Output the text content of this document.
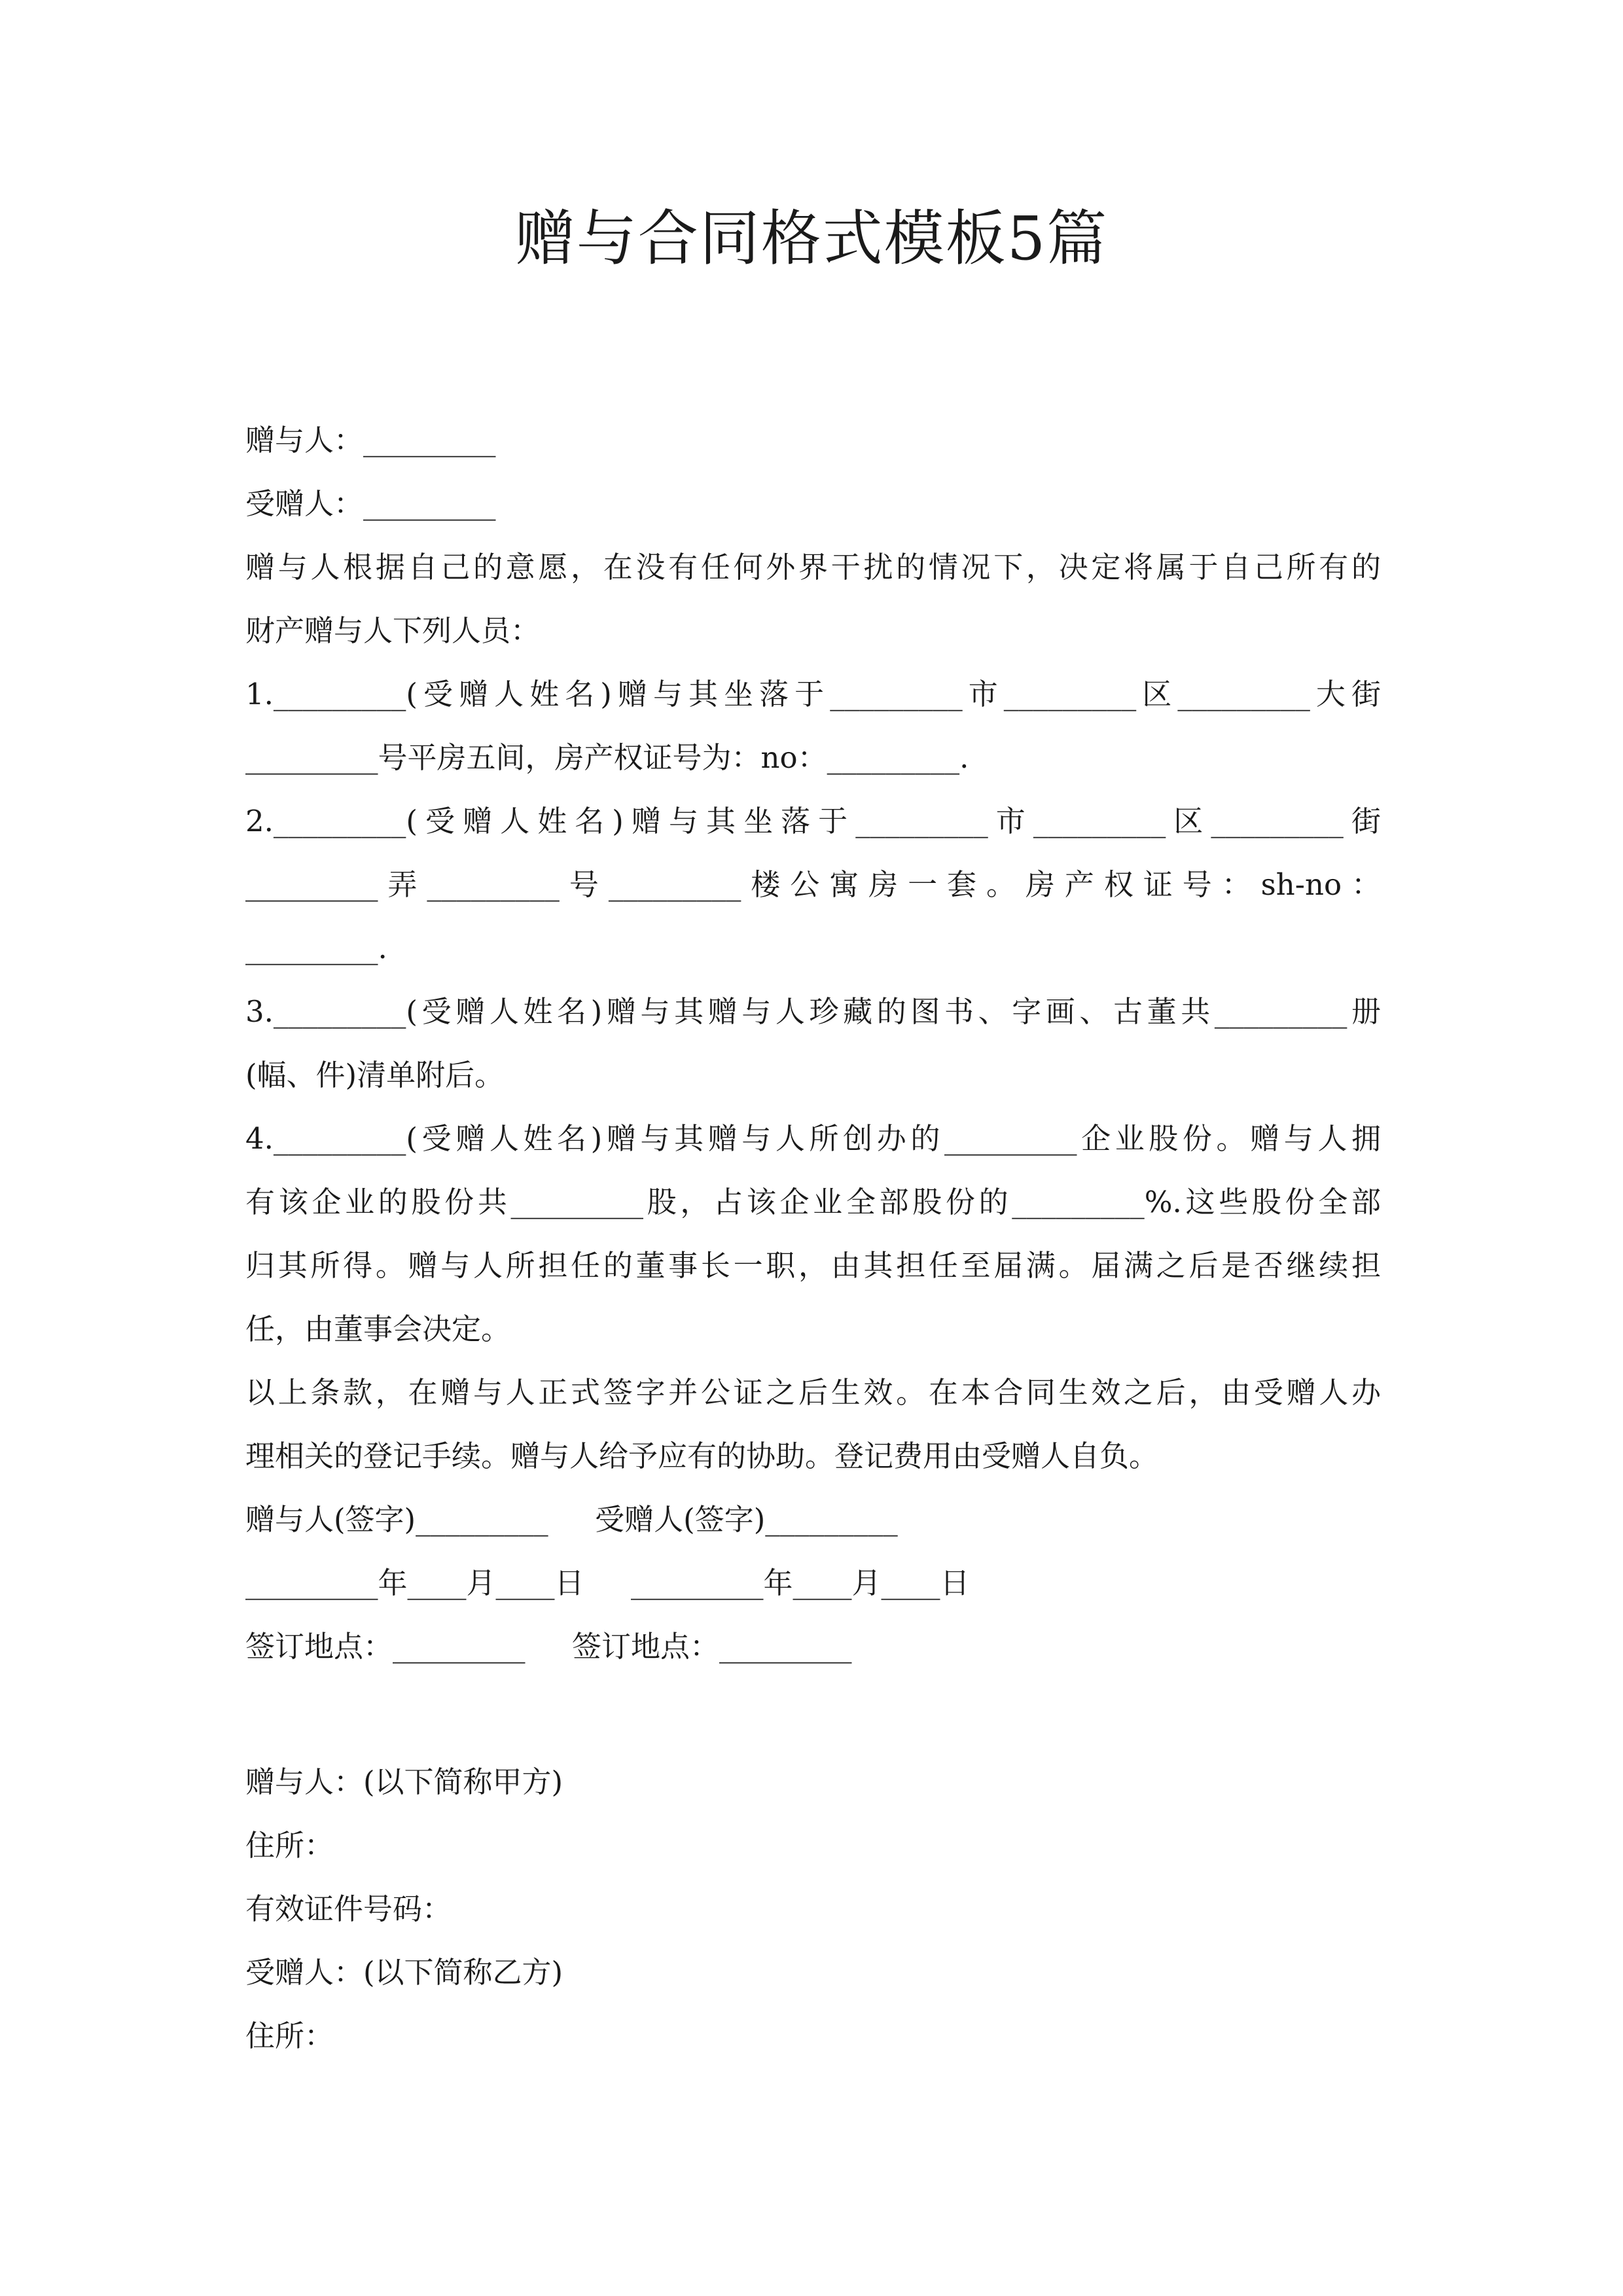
赠与合同格式模板5篇
赠与人：_________
受赠人：_________
赠与人根据自己的意愿，在没有任何外界干扰的情况下，决定将属于自己所有的
财产赠与人下列人员：
1._________(受赠人姓名)赠与其坐落于_________市_________区_________大街
_________号平房五间，房产权证号为：no：_________.
2._________(受赠人姓名)赠与其坐落于_________市_________区_________街
_________弄_________号_________楼公寓房一套。房产权证号：sh-no：
_________.
3._________(受赠人姓名)赠与其赠与人珍藏的图书、字画、古董共_________册
(幅、件)清单附后。
4._________(受赠人姓名)赠与其赠与人所创办的_________企业股份。赠与人拥
有该企业的股份共_________股，占该企业全部股份的_________%.这些股份全部
归其所得。赠与人所担任的董事长一职，由其担任至届满。届满之后是否继续担
任，由董事会决定。
以上条款，在赠与人正式签字并公证之后生效。在本合同生效之后，由受赠人办
理相关的登记手续。赠与人给予应有的协助。登记费用由受赠人自负。
赠与人(签字)_________     受赠人(签字)_________
_________年____月____日     _________年____月____日
签订地点：_________     签订地点：_________
赠与人：(以下简称甲方)
住所：
有效证件号码：
受赠人：(以下简称乙方)
住所：
